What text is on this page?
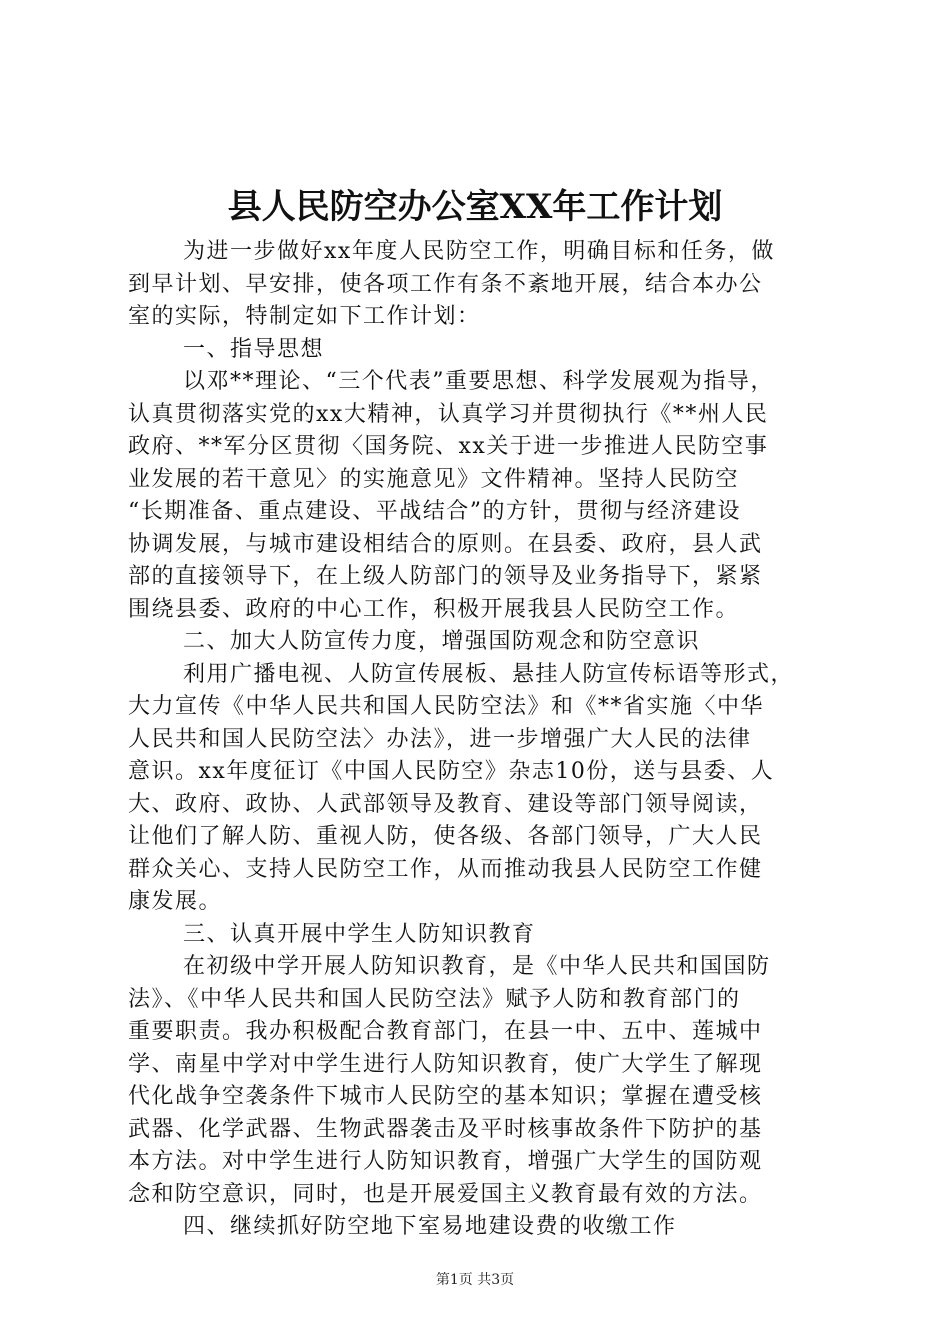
县人民防空办公室XX年工作计划
为进一步做好xx年度人民防空工作，明确目标和任务，做
到早计划、早安排，使各项工作有条不紊地开展，结合本办公
室的实际，特制定如下工作计划：
一、指导思想
以邓**理论、“三个代表”重要思想、科学发展观为指导，
认真贯彻落实党的xx大精神，认真学习并贯彻执行《**州人民
政府、**军分区贯彻〈国务院、xx关于进一步推进人民防空事
业发展的若干意见〉的实施意见》文件精神。坚持人民防空
“长期准备、重点建设、平战结合”的方针，贯彻与经济建设
协调发展，与城市建设相结合的原则。在县委、政府，县人武
部的直接领导下，在上级人防部门的领导及业务指导下，紧紧
围绕县委、政府的中心工作，积极开展我县人民防空工作。
二、加大人防宣传力度，增强国防观念和防空意识
利用广播电视、人防宣传展板、悬挂人防宣传标语等形式，
大力宣传《中华人民共和国人民防空法》和《**省实施〈中华
人民共和国人民防空法〉办法》，进一步增强广大人民的法律
意识。xx年度征订《中国人民防空》杂志10份，送与县委、人
大、政府、政协、人武部领导及教育、建设等部门领导阅读，
让他们了解人防、重视人防，使各级、各部门领导，广大人民
群众关心、支持人民防空工作，从而推动我县人民防空工作健
康发展。
三、认真开展中学生人防知识教育
在初级中学开展人防知识教育，是《中华人民共和国国防
法》、《中华人民共和国人民防空法》赋予人防和教育部门的
重要职责。我办积极配合教育部门，在县一中、五中、莲城中
学、南星中学对中学生进行人防知识教育，使广大学生了解现
代化战争空袭条件下城市人民防空的基本知识；掌握在遭受核
武器、化学武器、生物武器袭击及平时核事故条件下防护的基
本方法。对中学生进行人防知识教育，增强广大学生的国防观
念和防空意识，同时，也是开展爱国主义教育最有效的方法。
四、继续抓好防空地下室易地建设费的收缴工作
第1页 共3页
